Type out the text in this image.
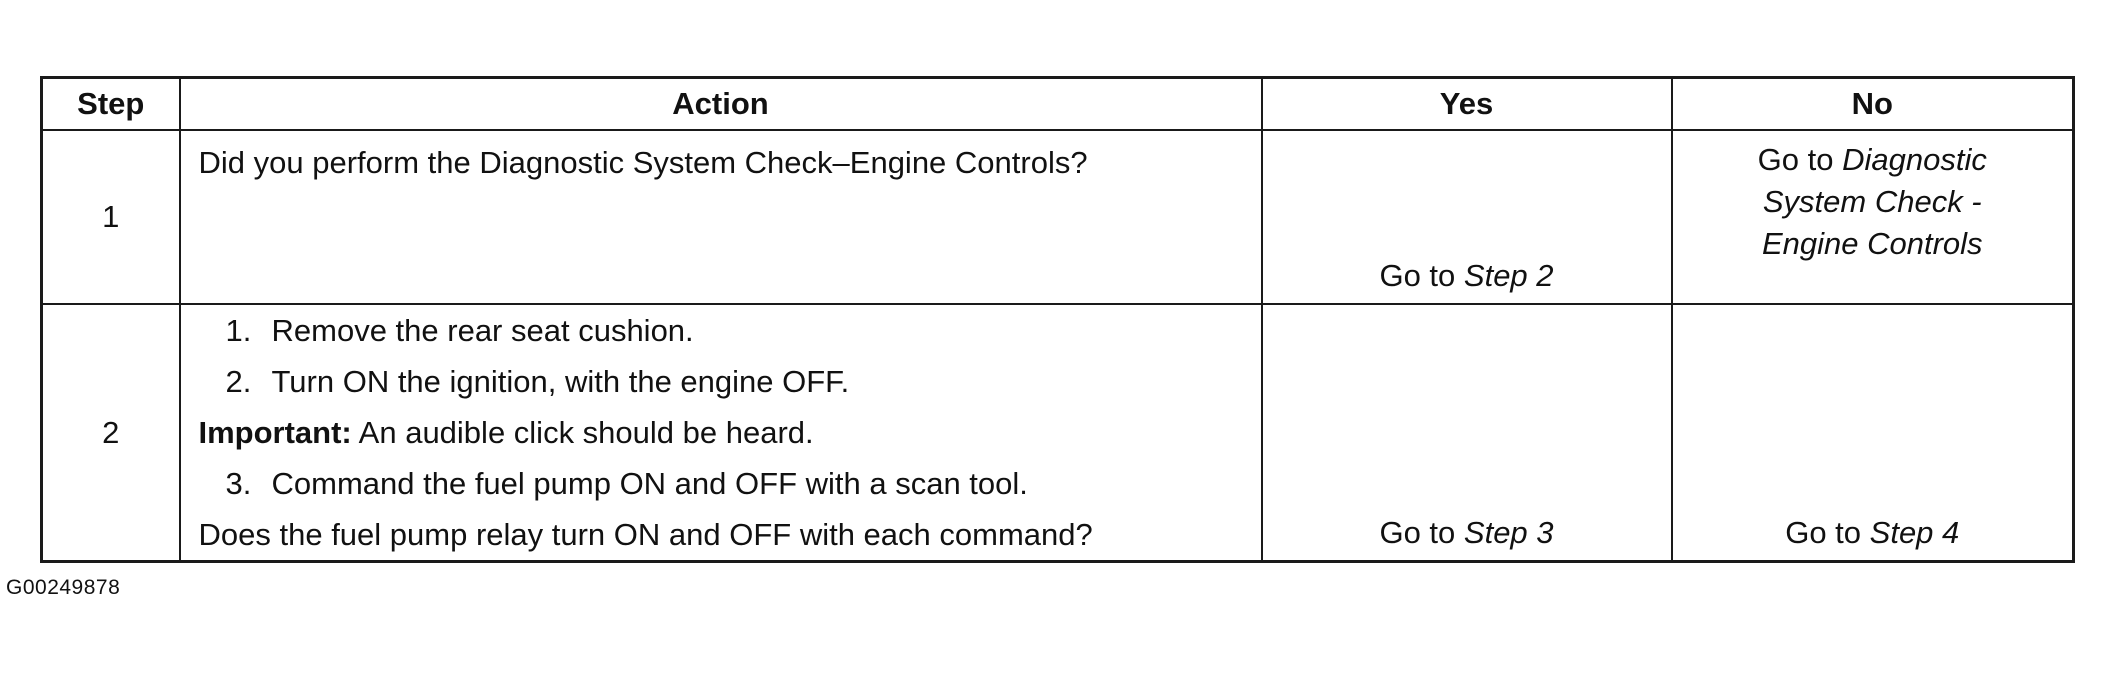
Step	Action	Yes	No
1	Did you perform the Diagnostic System Check–Engine Controls?	Go to Step 2	Go to Diagnostic
System Check -
Engine Controls

2	1. Remove the rear seat cushion.
2. Turn ON the ignition, with the engine OFF.
Important: An audible click should be heard.
3. Command the fuel pump ON and OFF with a scan tool.
Does the fuel pump relay turn ON and OFF with each command?	Go to Step 3	Go to Step 4
G00249878
